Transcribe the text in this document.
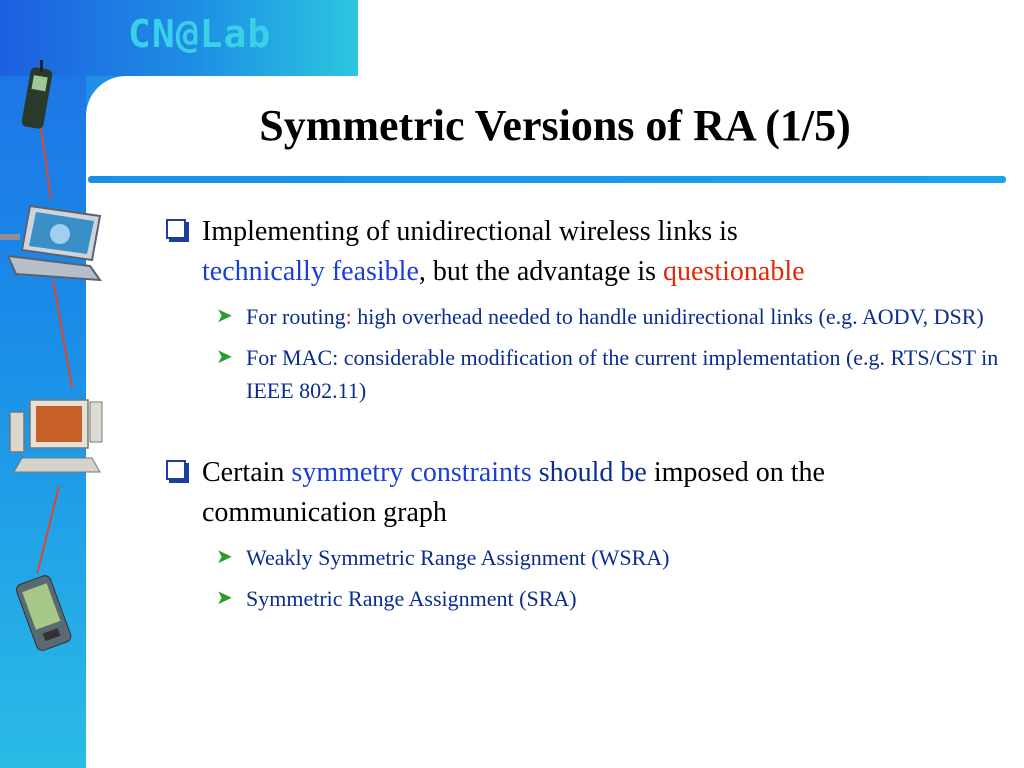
CN@Lab
Symmetric Versions of RA (1/5)
Implementing of unidirectional wireless links is
technically feasible, but the advantage is questionable
➤ For routing: high overhead needed to handle unidirectional links (e.g. AODV, DSR)
➤ For MAC: considerable modification of the current implementation (e.g. RTS/CST in IEEE 802.11)
Certain symmetry constraints should be imposed on the communication graph
➤ Weakly Symmetric Range Assignment (WSRA)
➤ Symmetric Range Assignment (SRA)
